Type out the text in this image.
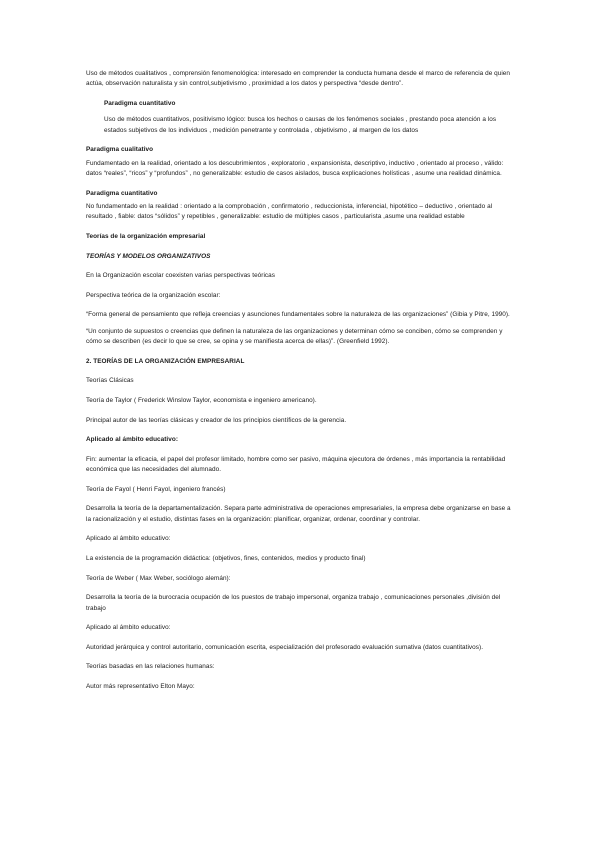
Uso de métodos cualitativos , comprensión fenomenológica: interesado en comprender la conducta humana desde el marco de referencia de quien actúa, observación naturalista y sin control,subjetivismo , proximidad a los datos y perspectiva “desde dentro”.

Paradigma cuantitativo

Uso de métodos cuantitativos, positivismo lógico: busca los hechos o causas de los fenómenos sociales , prestando poca atención a los estados subjetivos de los individuos , medición penetrante y controlada , objetivismo , al margen de los datos

Paradigma cualitativo

Fundamentado en la realidad, orientado a los descubrimientos , exploratorio , expansionista, descriptivo, inductivo , orientado al proceso , válido: datos “reales”, “ricos” y “profundos” , no generalizable: estudio de casos aislados, busca explicaciones holísticas , asume una realidad dinámica.

Paradigma cuantitativo

No fundamentado en la realidad : orientado a la comprobación , confirmatorio , reduccionista, inferencial, hipotético – deductivo , orientado al resultado , fiable: datos “sólidos” y repetibles , generalizable: estudio de múltiples casos , particularista ,asume una realidad estable

Teorías de la organización empresarial

TEORÍAS Y MODELOS ORGANIZATIVOS

En la Organización escolar coexisten varias perspectivas teóricas

Perspectiva teórica de la organización escolar:

“Forma general de pensamiento que refleja creencias y asunciones fundamentales sobre la naturaleza de las organizaciones” (Gibia y Pitre, 1990).

“Un conjunto de supuestos o creencias que definen la naturaleza de las organizaciones y determinan cómo se conciben, cómo se comprenden y cómo se describen (es decir lo que se cree, se opina y se manifiesta acerca de ellas)”. (Greenfield 1992).

2. TEORÍAS DE LA ORGANIZACIÓN EMPRESARIAL

Teorías Clásicas

Teoría de Taylor ( Frederick Winslow Taylor, economista e ingeniero americano).

Principal autor de las teorías clásicas y creador de los principios científicos de la gerencia.

Aplicado al ámbito educativo:

Fin: aumentar la eficacia, el papel del profesor limitado, hombre como ser pasivo, máquina ejecutora de órdenes , más importancia la rentabilidad económica que las necesidades del alumnado.

Teoría de Fayol ( Henri Fayol, ingeniero francés)

Desarrolla la teoría de la departamentalización. Separa parte administrativa de operaciones empresariales, la empresa debe organizarse en base a la racionalización y el estudio, distintas fases en la organización: planificar, organizar, ordenar, coordinar y controlar.

Aplicado al ámbito educativo:

La existencia de la programación didáctica: (objetivos, fines, contenidos, medios y producto final)

Teoría de Weber ( Max Weber, sociólogo alemán):

Desarrolla la teoría de la burocracia ocupación de los puestos de trabajo impersonal, organiza trabajo , comunicaciones personales ,división del trabajo

Aplicado al ámbito educativo:

Autoridad jerárquica y control autoritario, comunicación escrita, especialización del profesorado evaluación sumativa (datos cuantitativos).

Teorías basadas en las relaciones humanas:

Autor más representativo Elton Mayo:
